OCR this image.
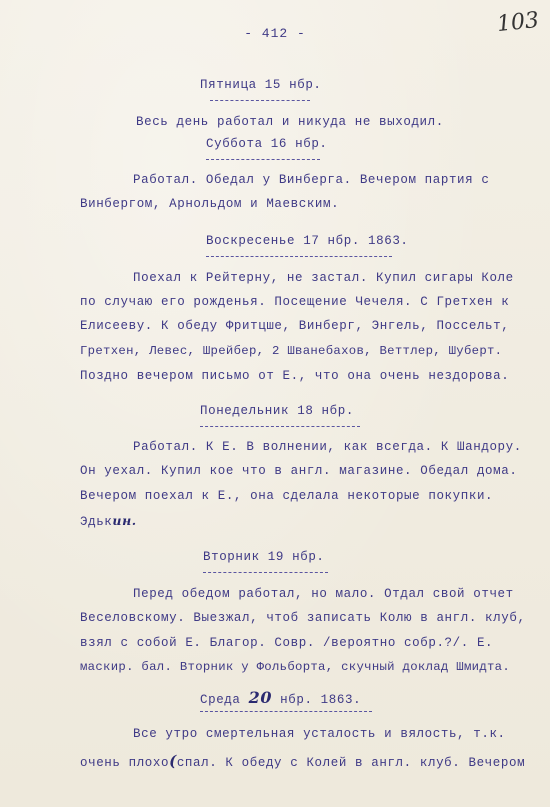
- 412 -	103
Пятница 15 нбр.
Весь день работал и никуда не выходил.
Суббота 16 нбр.
Работал. Обедал у Винберга. Вечером партия с
Винбергом, Арнольдом и Маевским.
Воскресенье 17 нбр. 1863.
Поехал к Рейтерну, не застал. Купил сигары Коле
по случаю его рожденья. Посещение Чечеля. С Гретхен к
Елисееву. К обеду Фритцше, Винберг, Энгель, Поссельт,
Гретхен, Левес, Шрейбер, 2 Шванебахов, Веттлер, Шуберт.
Поздно вечером письмо от Е., что она очень нездорова.
Понедельник 18 нбр.
Работал. К Е. В волнении, как всегда. К Шандору.
Он уехал. Купил кое что в англ. магазине. Обедал дома.
Вечером поехал к Е., она сделала некоторые покупки.
Эдькин.
Вторник 19 нбр.
Перед обедом работал, но мало. Отдал свой отчет
Веселовскому. Выезжал, чтоб записать Колю в англ. клуб,
взял с собой Е. Благор. Совр. /вероятно собр.?/. Е.
маскир. бал. Вторник у Фольборта, скучный доклад Шмидта.
Среда 20 нбр. 1863.
Все утро смертельная усталость и вялость, т.к.
очень плохо(спал. К обеду с Колей в англ. клуб. Вечером
